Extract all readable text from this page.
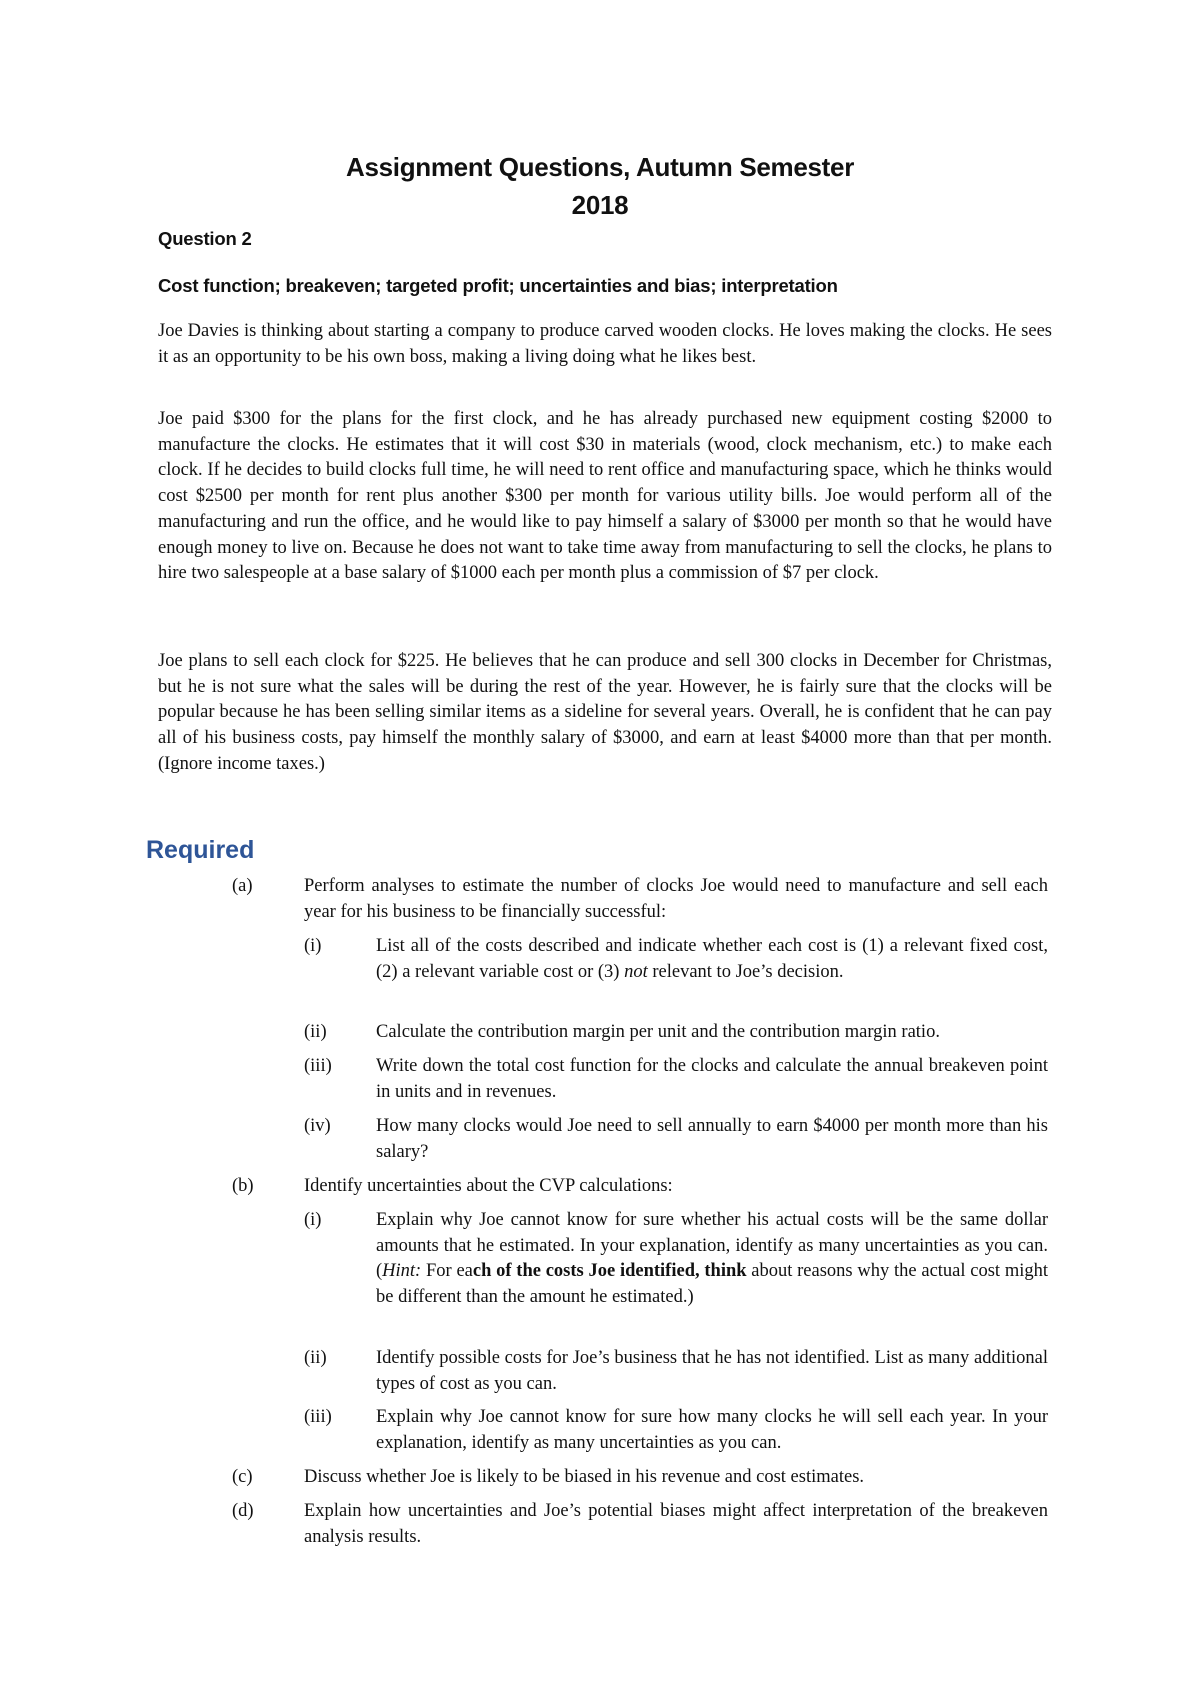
Assignment Questions, Autumn Semester
2018

Question 2

Cost function; breakeven; targeted profit; uncertainties and bias; interpretation

Joe Davies is thinking about starting a company to produce carved wooden clocks. He loves making the clocks. He sees it as an opportunity to be his own boss, making a living doing what he likes best.

Joe paid $300 for the plans for the first clock, and he has already purchased new equipment costing $2000 to manufacture the clocks. He estimates that it will cost $30 in materials (wood, clock mechanism, etc.) to make each clock. If he decides to build clocks full time, he will need to rent office and manufacturing space, which he thinks would cost $2500 per month for rent plus another $300 per month for various utility bills. Joe would perform all of the manufacturing and run the office, and he would like to pay himself a salary of $3000 per month so that he would have enough money to live on. Because he does not want to take time away from manufacturing to sell the clocks, he plans to hire two salespeople at a base salary of $1000 each per month plus a commission of $7 per clock.

Joe plans to sell each clock for $225. He believes that he can produce and sell 300 clocks in December for Christmas, but he is not sure what the sales will be during the rest of the year. However, he is fairly sure that the clocks will be popular because he has been selling similar items as a sideline for several years. Overall, he is confident that he can pay all of his business costs, pay himself the monthly salary of $3000, and earn at least $4000 more than that per month. (Ignore income taxes.)

Required
(a)	Perform analyses to estimate the number of clocks Joe would need to manufacture and sell each year for his business to be financially successful:
(i)	List all of the costs described and indicate whether each cost is (1) a relevant fixed cost, (2) a relevant variable cost or (3) not relevant to Joe’s decision.
(ii)	Calculate the contribution margin per unit and the contribution margin ratio.
(iii) Write down the total cost function for the clocks and calculate the annual breakeven point in units and in revenues.
(iv) How many clocks would Joe need to sell annually to earn $4000 per month more than his salary?
(b)	Identify uncertainties about the CVP calculations:
(i)	Explain why Joe cannot know for sure whether his actual costs will be the same dollar amounts that he estimated. In your explanation, identify as many uncertainties as you can. (Hint: For each of the costs Joe identified, think about reasons why the actual cost might be different than the amount he estimated.)
(ii)	Identify possible costs for Joe’s business that he has not identified. List as many additional types of cost as you can.
(iii) Explain why Joe cannot know for sure how many clocks he will sell each year. In your explanation, identify as many uncertainties as you can.
(c)	Discuss whether Joe is likely to be biased in his revenue and cost estimates.
(d)	Explain how uncertainties and Joe’s potential biases might affect interpretation of the breakeven analysis results.
